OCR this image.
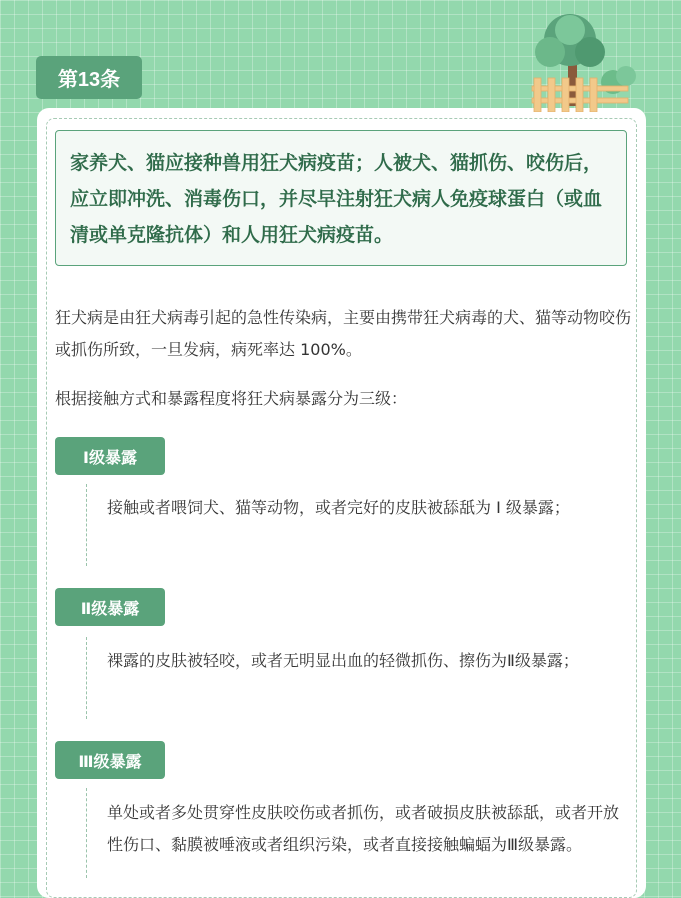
第13条
家养犬、猫应接种兽用狂犬病疫苗；人被犬、猫抓伤、咬伤后，应立即冲洗、消毒伤口，并尽早注射狂犬病人免疫球蛋白（或血清或单克隆抗体）和人用狂犬病疫苗。

狂犬病是由狂犬病毒引起的急性传染病，主要由携带狂犬病毒的犬、猫等动物咬伤或抓伤所致，一旦发病，病死率达 100%。

根据接触方式和暴露程度将狂犬病暴露分为三级：

Ⅰ级暴露

接触或者喂饲犬、猫等动物，或者完好的皮肤被舔舐为 Ⅰ 级暴露；

Ⅱ级暴露

裸露的皮肤被轻咬，或者无明显出血的轻微抓伤、擦伤为Ⅱ级暴露；

Ⅲ级暴露

单处或者多处贯穿性皮肤咬伤或者抓伤，或者破损皮肤被舔舐，或者开放性伤口、黏膜被唾液或者组织污染，或者直接接触蝙蝠为Ⅲ级暴露。
